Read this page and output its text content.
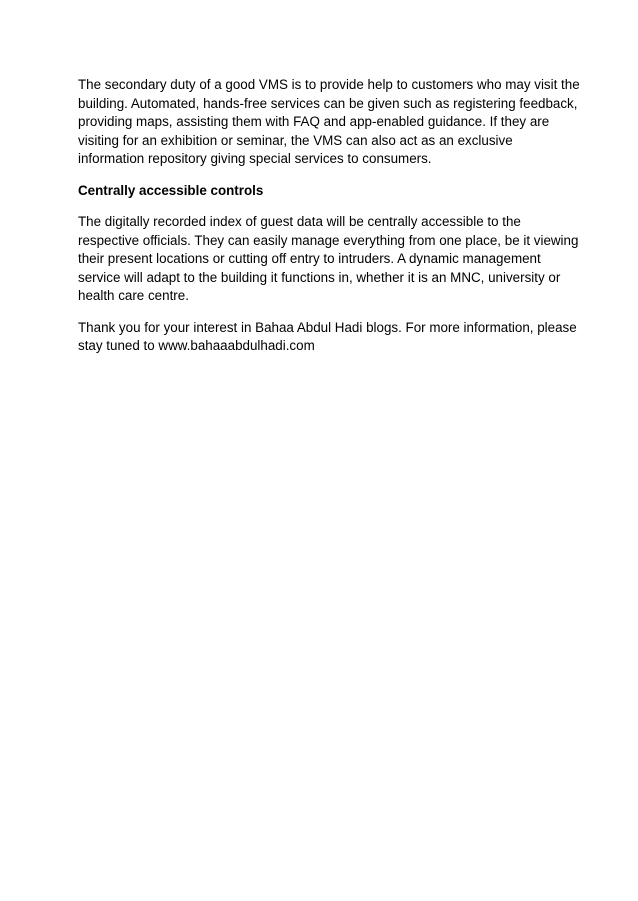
The secondary duty of a good VMS is to provide help to customers who may visit the
building. Automated, hands-free services can be given such as registering feedback,
providing maps, assisting them with FAQ and app-enabled guidance. If they are
visiting for an exhibition or seminar, the VMS can also act as an exclusive
information repository giving special services to consumers.

Centrally accessible controls

The digitally recorded index of guest data will be centrally accessible to the
respective officials. They can easily manage everything from one place, be it viewing
their present locations or cutting off entry to intruders. A dynamic management
service will adapt to the building it functions in, whether it is an MNC, university or
health care centre.

Thank you for your interest in Bahaa Abdul Hadi blogs. For more information, please
stay tuned to www.bahaaabdulhadi.com
